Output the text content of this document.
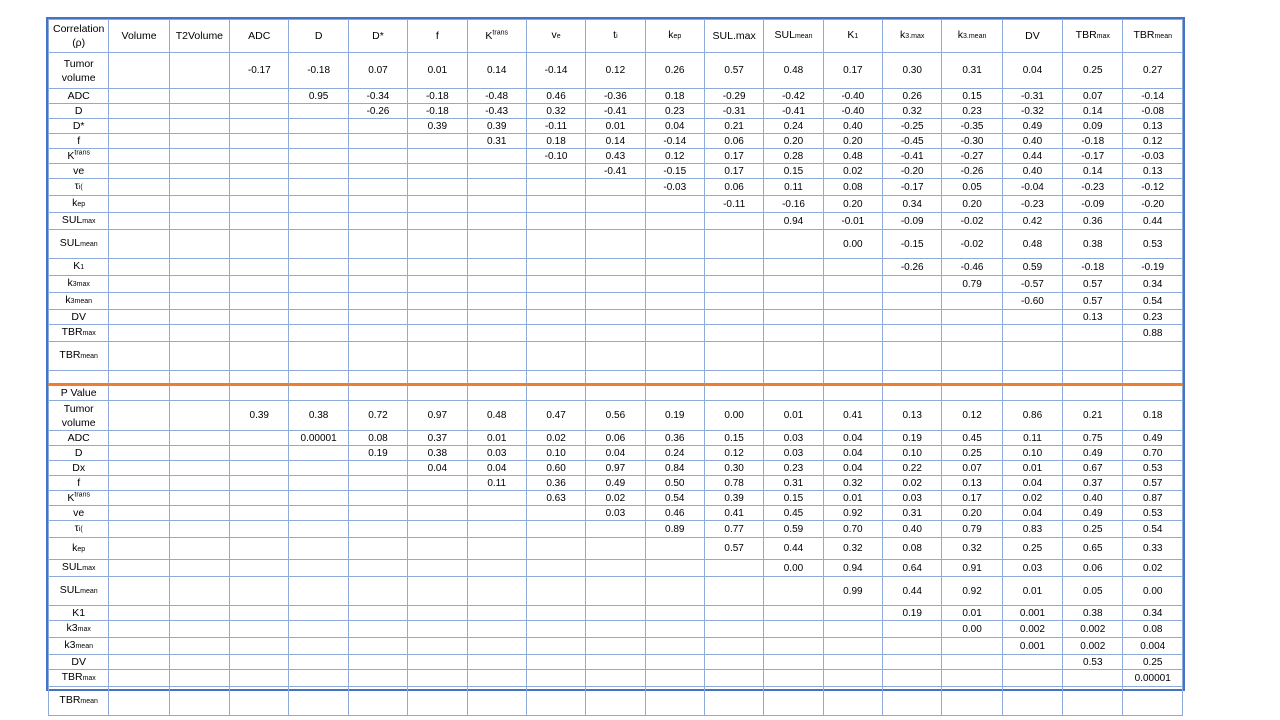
Correlation
(ρ)	Volume	T2Volume	ADC	D	D*	f	$K^{trans}$	ve	ti	kep	SUL.max	SULmean	K1	k3.max	k3.mean	DV	TBRmax	TBRmean
Tumor volume			-0.17	-0.18	0.07	0.01	0.14	-0.14	0.12	0.26	0.57	0.48	0.17	0.30	0.31	0.04	0.25	0.27
ADC				0.95	-0.34	-0.18	-0.48	0.46	-0.36	0.18	-0.29	-0.42	-0.40	0.26	0.15	-0.31	0.07	-0.14
D					-0.26	-0.18	-0.43	0.32	-0.41	0.23	-0.31	-0.41	-0.40	0.32	0.23	-0.32	0.14	-0.08
D*						0.39	0.39	-0.11	0.01	0.04	0.21	0.24	0.40	-0.25	-0.35	0.49	0.09	0.13
f							0.31	0.18	0.14	-0.14	0.06	0.20	0.20	-0.45	-0.30	0.40	-0.18	0.12
$K^{trans}$								-0.10	0.43	0.12	0.17	0.28	0.48	-0.41	-0.27	0.44	-0.17	-0.03
ve									-0.41	-0.15	0.17	0.15	0.02	-0.20	-0.26	0.40	0.14	0.13
τi(										-0.03	0.06	0.11	0.08	-0.17	0.05	-0.04	-0.23	-0.12
kep											-0.11	-0.16	0.20	0.34	0.20	-0.23	-0.09	-0.20
SULmax												0.94	-0.01	-0.09	-0.02	0.42	0.36	0.44
SULmean													0.00	-0.15	-0.02	0.48	0.38	0.53
K1														-0.26	-0.46	0.59	-0.18	-0.19
k3max															0.79	-0.57	0.57	0.34
k3mean																-0.60	0.57	0.54
DV																	0.13	0.23
TBRmax																		0.88
TBRmean																		

P Value																		
Tumor volume			0.39	0.38	0.72	0.97	0.48	0.47	0.56	0.19	0.00	0.01	0.41	0.13	0.12	0.86	0.21	0.18
ADC				0.00001	0.08	0.37	0.01	0.02	0.06	0.36	0.15	0.03	0.04	0.19	0.45	0.11	0.75	0.49
D					0.19	0.38	0.03	0.10	0.04	0.24	0.12	0.03	0.04	0.10	0.25	0.10	0.49	0.70
Dx						0.04	0.04	0.60	0.97	0.84	0.30	0.23	0.04	0.22	0.07	0.01	0.67	0.53
f							0.11	0.36	0.49	0.50	0.78	0.31	0.32	0.02	0.13	0.04	0.37	0.57
$K^{trans}$								0.63	0.02	0.54	0.39	0.15	0.01	0.03	0.17	0.02	0.40	0.87
ve									0.03	0.46	0.41	0.45	0.92	0.31	0.20	0.04	0.49	0.53
τi(										0.89	0.77	0.59	0.70	0.40	0.79	0.83	0.25	0.54
kep											0.57	0.44	0.32	0.08	0.32	0.25	0.65	0.33
SULmax												0.00	0.94	0.64	0.91	0.03	0.06	0.02
SULmean													0.99	0.44	0.92	0.01	0.05	0.00
K1														0.19	0.01	0.001	0.38	0.34
k3max															0.00	0.002	0.002	0.08
k3mean																0.001	0.002	0.004
DV																	0.53	0.25
TBRmax																		0.00001
TBRmean																		
